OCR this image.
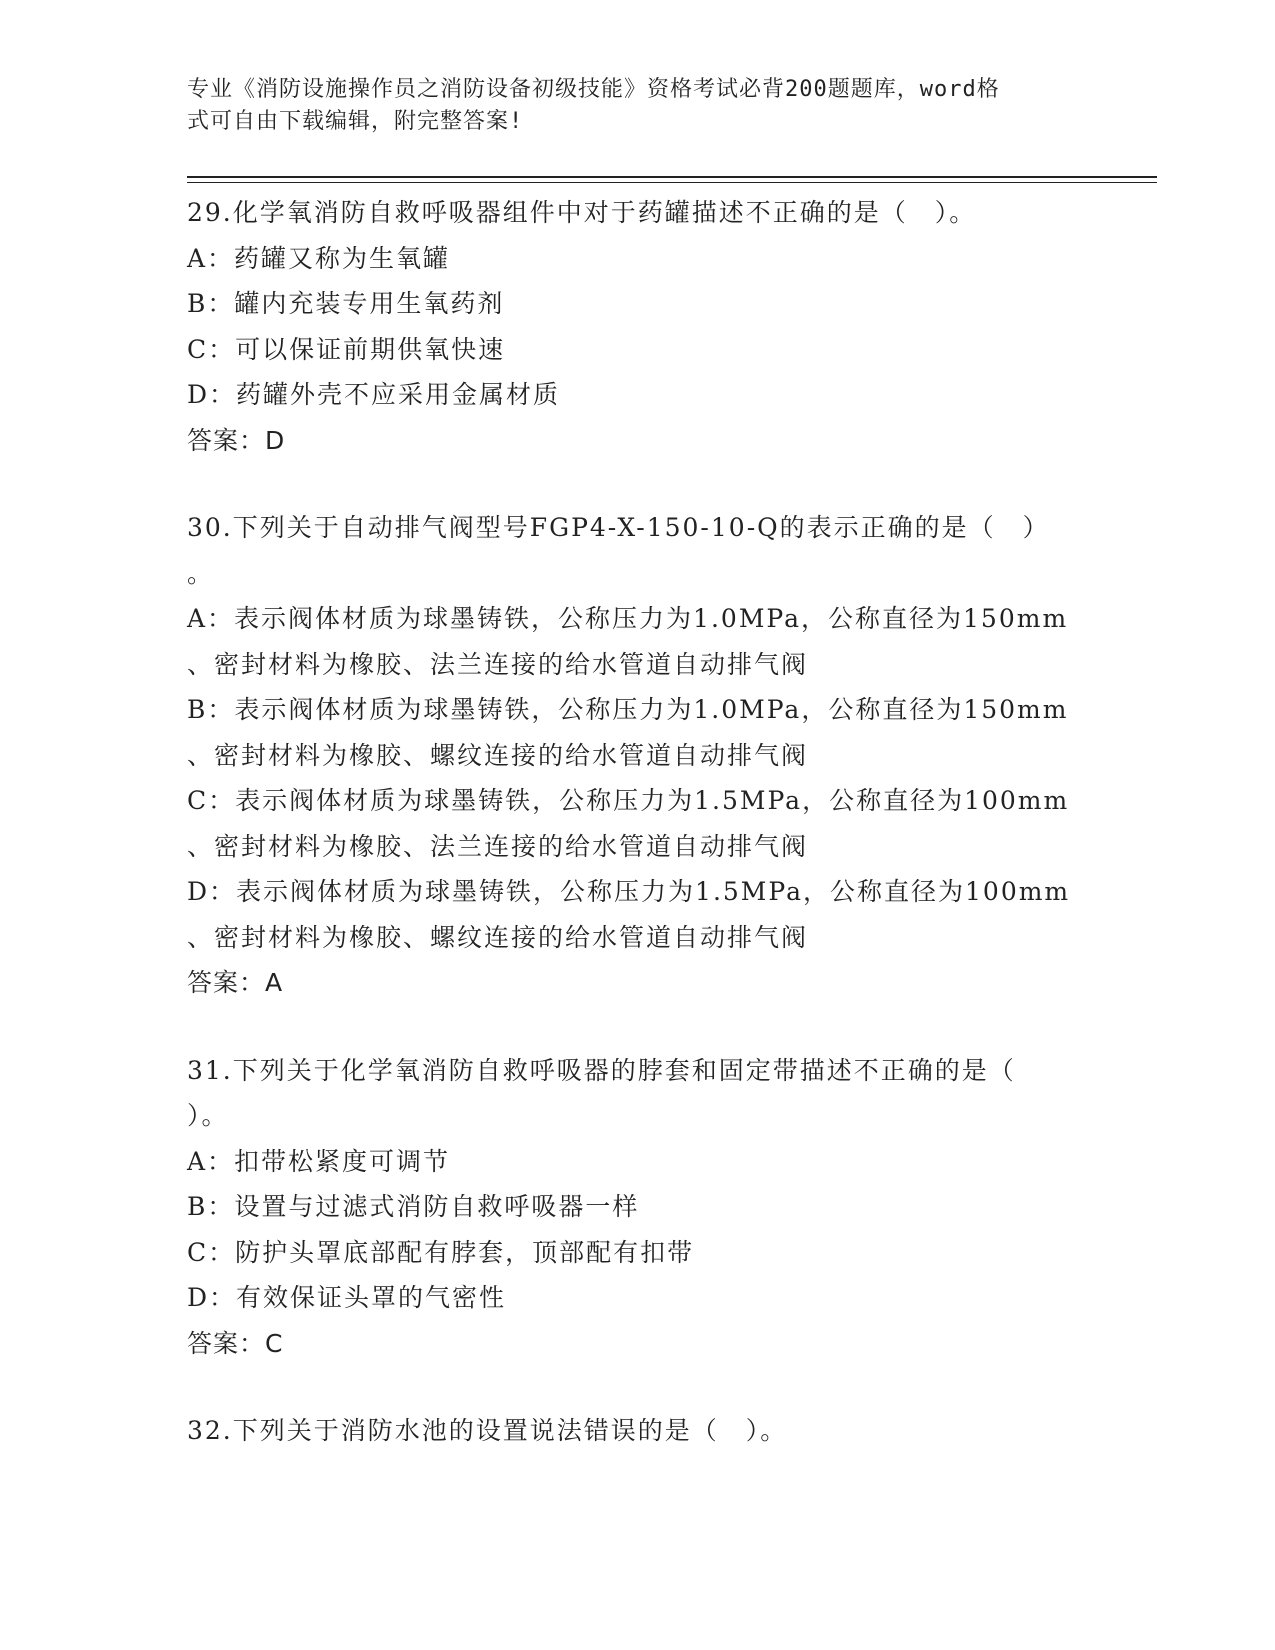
专业《消防设施操作员之消防设备初级技能》资格考试必背200题题库，word格
式可自由下载编辑，附完整答案!
29.化学氧消防自救呼吸器组件中对于药罐描述不正确的是（　）。
A：药罐又称为生氧罐
B：罐内充装专用生氧药剂
C：可以保证前期供氧快速
D：药罐外壳不应采用金属材质
答案：D
30.下列关于自动排气阀型号FGP4-X-150-10-Q的表示正确的是（　）
。
A：表示阀体材质为球墨铸铁，公称压力为1.0MPa，公称直径为150mm
、密封材料为橡胶、法兰连接的给水管道自动排气阀
B：表示阀体材质为球墨铸铁，公称压力为1.0MPa，公称直径为150mm
、密封材料为橡胶、螺纹连接的给水管道自动排气阀
C：表示阀体材质为球墨铸铁，公称压力为1.5MPa，公称直径为100mm
、密封材料为橡胶、法兰连接的给水管道自动排气阀
D：表示阀体材质为球墨铸铁，公称压力为1.5MPa，公称直径为100mm
、密封材料为橡胶、螺纹连接的给水管道自动排气阀
答案：A
31.下列关于化学氧消防自救呼吸器的脖套和固定带描述不正确的是（
）。
A：扣带松紧度可调节
B：设置与过滤式消防自救呼吸器一样
C：防护头罩底部配有脖套，顶部配有扣带
D：有效保证头罩的气密性
答案：C
32.下列关于消防水池的设置说法错误的是（　）。
